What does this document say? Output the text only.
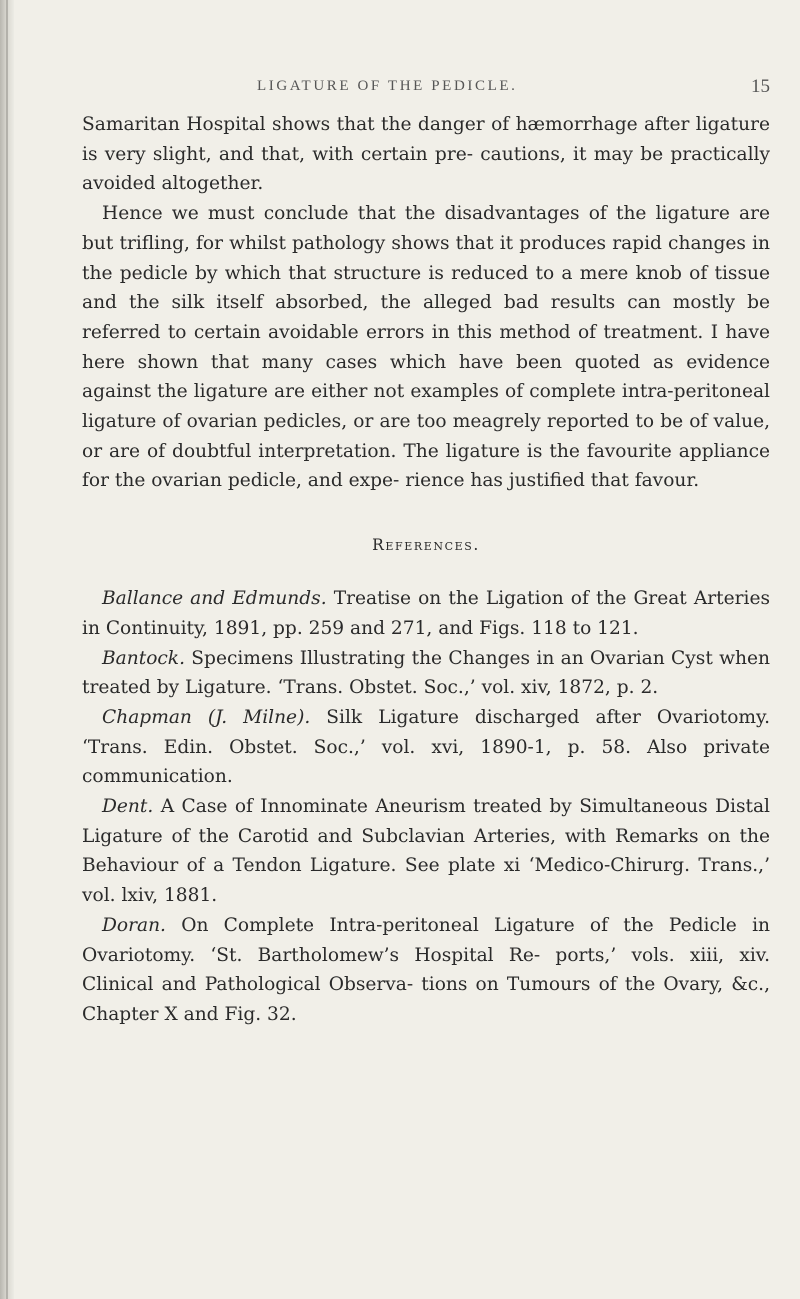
LIGATURE OF THE PEDICLE.	15

Samaritan Hospital shows that the danger of hæmorrhage after ligature is very slight, and that, with certain pre- cautions, it may be practically avoided altogether.

Hence we must conclude that the disadvantages of the ligature are but trifling, for whilst pathology shows that it produces rapid changes in the pedicle by which that structure is reduced to a mere knob of tissue and the silk itself absorbed, the alleged bad results can mostly be referred to certain avoidable errors in this method of treatment. I have here shown that many cases which have been quoted as evidence against the ligature are either not examples of complete intra-peritoneal ligature of ovarian pedicles, or are too meagrely reported to be of value, or are of doubtful interpretation. The ligature is the favourite appliance for the ovarian pedicle, and expe- rience has justified that favour.

References.

Ballance and Edmunds. Treatise on the Ligation of the Great Arteries in Continuity, 1891, pp. 259 and 271, and Figs. 118 to 121.

Bantock. Specimens Illustrating the Changes in an Ovarian Cyst when treated by Ligature. ‘Trans. Obstet. Soc.,’ vol. xiv, 1872, p. 2.

Chapman (J. Milne). Silk Ligature discharged after Ovariotomy. ‘Trans. Edin. Obstet. Soc.,’ vol. xvi, 1890-1, p. 58. Also private communication.

Dent. A Case of Innominate Aneurism treated by Simultaneous Distal Ligature of the Carotid and Subclavian Arteries, with Remarks on the Behaviour of a Tendon Ligature. See plate xi ‘Medico-Chirurg. Trans.,’ vol. lxiv, 1881.

Doran. On Complete Intra-peritoneal Ligature of the Pedicle in Ovariotomy. ‘St. Bartholomew’s Hospital Re- ports,’ vols. xiii, xiv. Clinical and Pathological Observa- tions on Tumours of the Ovary, &c., Chapter X and Fig. 32.
